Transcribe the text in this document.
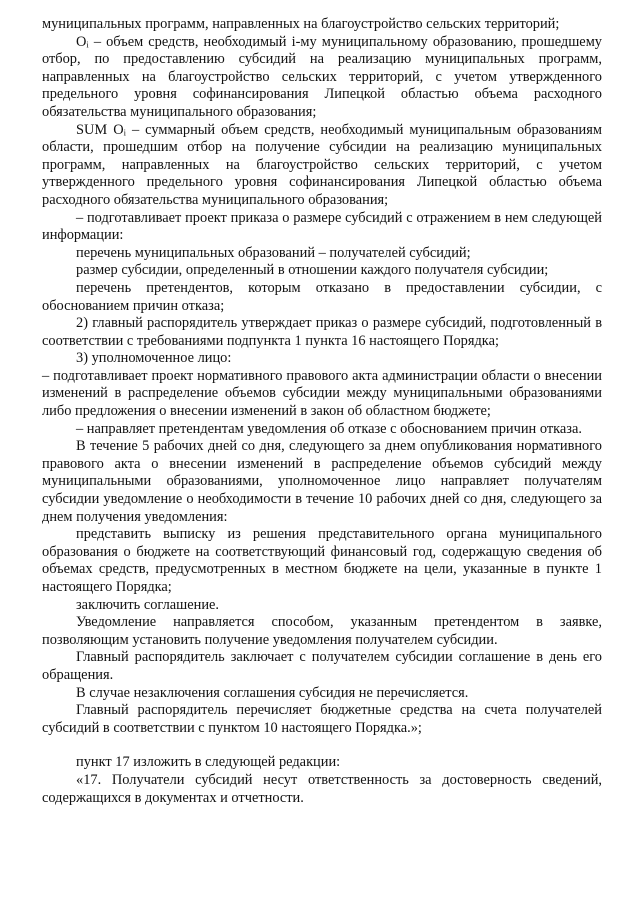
муниципальных программ, направленных на благоустройство сельских территорий;

Oᵢ – объем средств, необходимый i-му муниципальному образованию, прошедшему отбор, по предоставлению субсидий на реализацию муниципальных программ, направленных на благоустройство сельских территорий, с учетом утвержденного предельного уровня софинансирования Липецкой областью объема расходного обязательства муниципального образования;

SUM Oᵢ – суммарный объем средств, необходимый муниципальным образованиям области, прошедшим отбор на получение субсидии на реализацию муниципальных программ, направленных на благоустройство сельских территорий, с учетом утвержденного предельного уровня софинансирования Липецкой областью объема расходного обязательства муниципального образования;

– подготавливает проект приказа о размере субсидий с отражением в нем следующей информации:

перечень муниципальных образований – получателей субсидий;

размер субсидии, определенный в отношении каждого получателя субсидии;

перечень претендентов, которым отказано в предоставлении субсидии, с обоснованием причин отказа;

2) главный распорядитель утверждает приказ о размере субсидий, подготовленный в соответствии с требованиями подпункта 1 пункта 16 настоящего Порядка;

3) уполномоченное лицо:

– подготавливает проект нормативного правового акта администрации области о внесении изменений в распределение объемов субсидии между муниципальными образованиями либо предложения о внесении изменений в закон об областном бюджете;

– направляет претендентам уведомления об отказе с обоснованием причин отказа.

В течение 5 рабочих дней со дня, следующего за днем опубликования нормативного правового акта о внесении изменений в распределение объемов субсидий между муниципальными образованиями, уполномоченное лицо направляет получателям субсидии уведомление о необходимости в течение 10 рабочих дней со дня, следующего за днем получения уведомления:

представить выписку из решения представительного органа муниципального образования о бюджете на соответствующий финансовый год, содержащую сведения об объемах средств, предусмотренных в местном бюджете на цели, указанные в пункте 1 настоящего Порядка;

заключить соглашение.

Уведомление направляется способом, указанным претендентом в заявке, позволяющим установить получение уведомления получателем субсидии.

Главный распорядитель заключает с получателем субсидии соглашение в день его обращения.

В случае незаключения соглашения субсидия не перечисляется.

Главный распорядитель перечисляет бюджетные средства на счета получателей субсидий в соответствии с пунктом 10 настоящего Порядка.»;

пункт 17 изложить в следующей редакции:

«17. Получатели субсидий несут ответственность за достоверность сведений, содержащихся в документах и отчетности.
